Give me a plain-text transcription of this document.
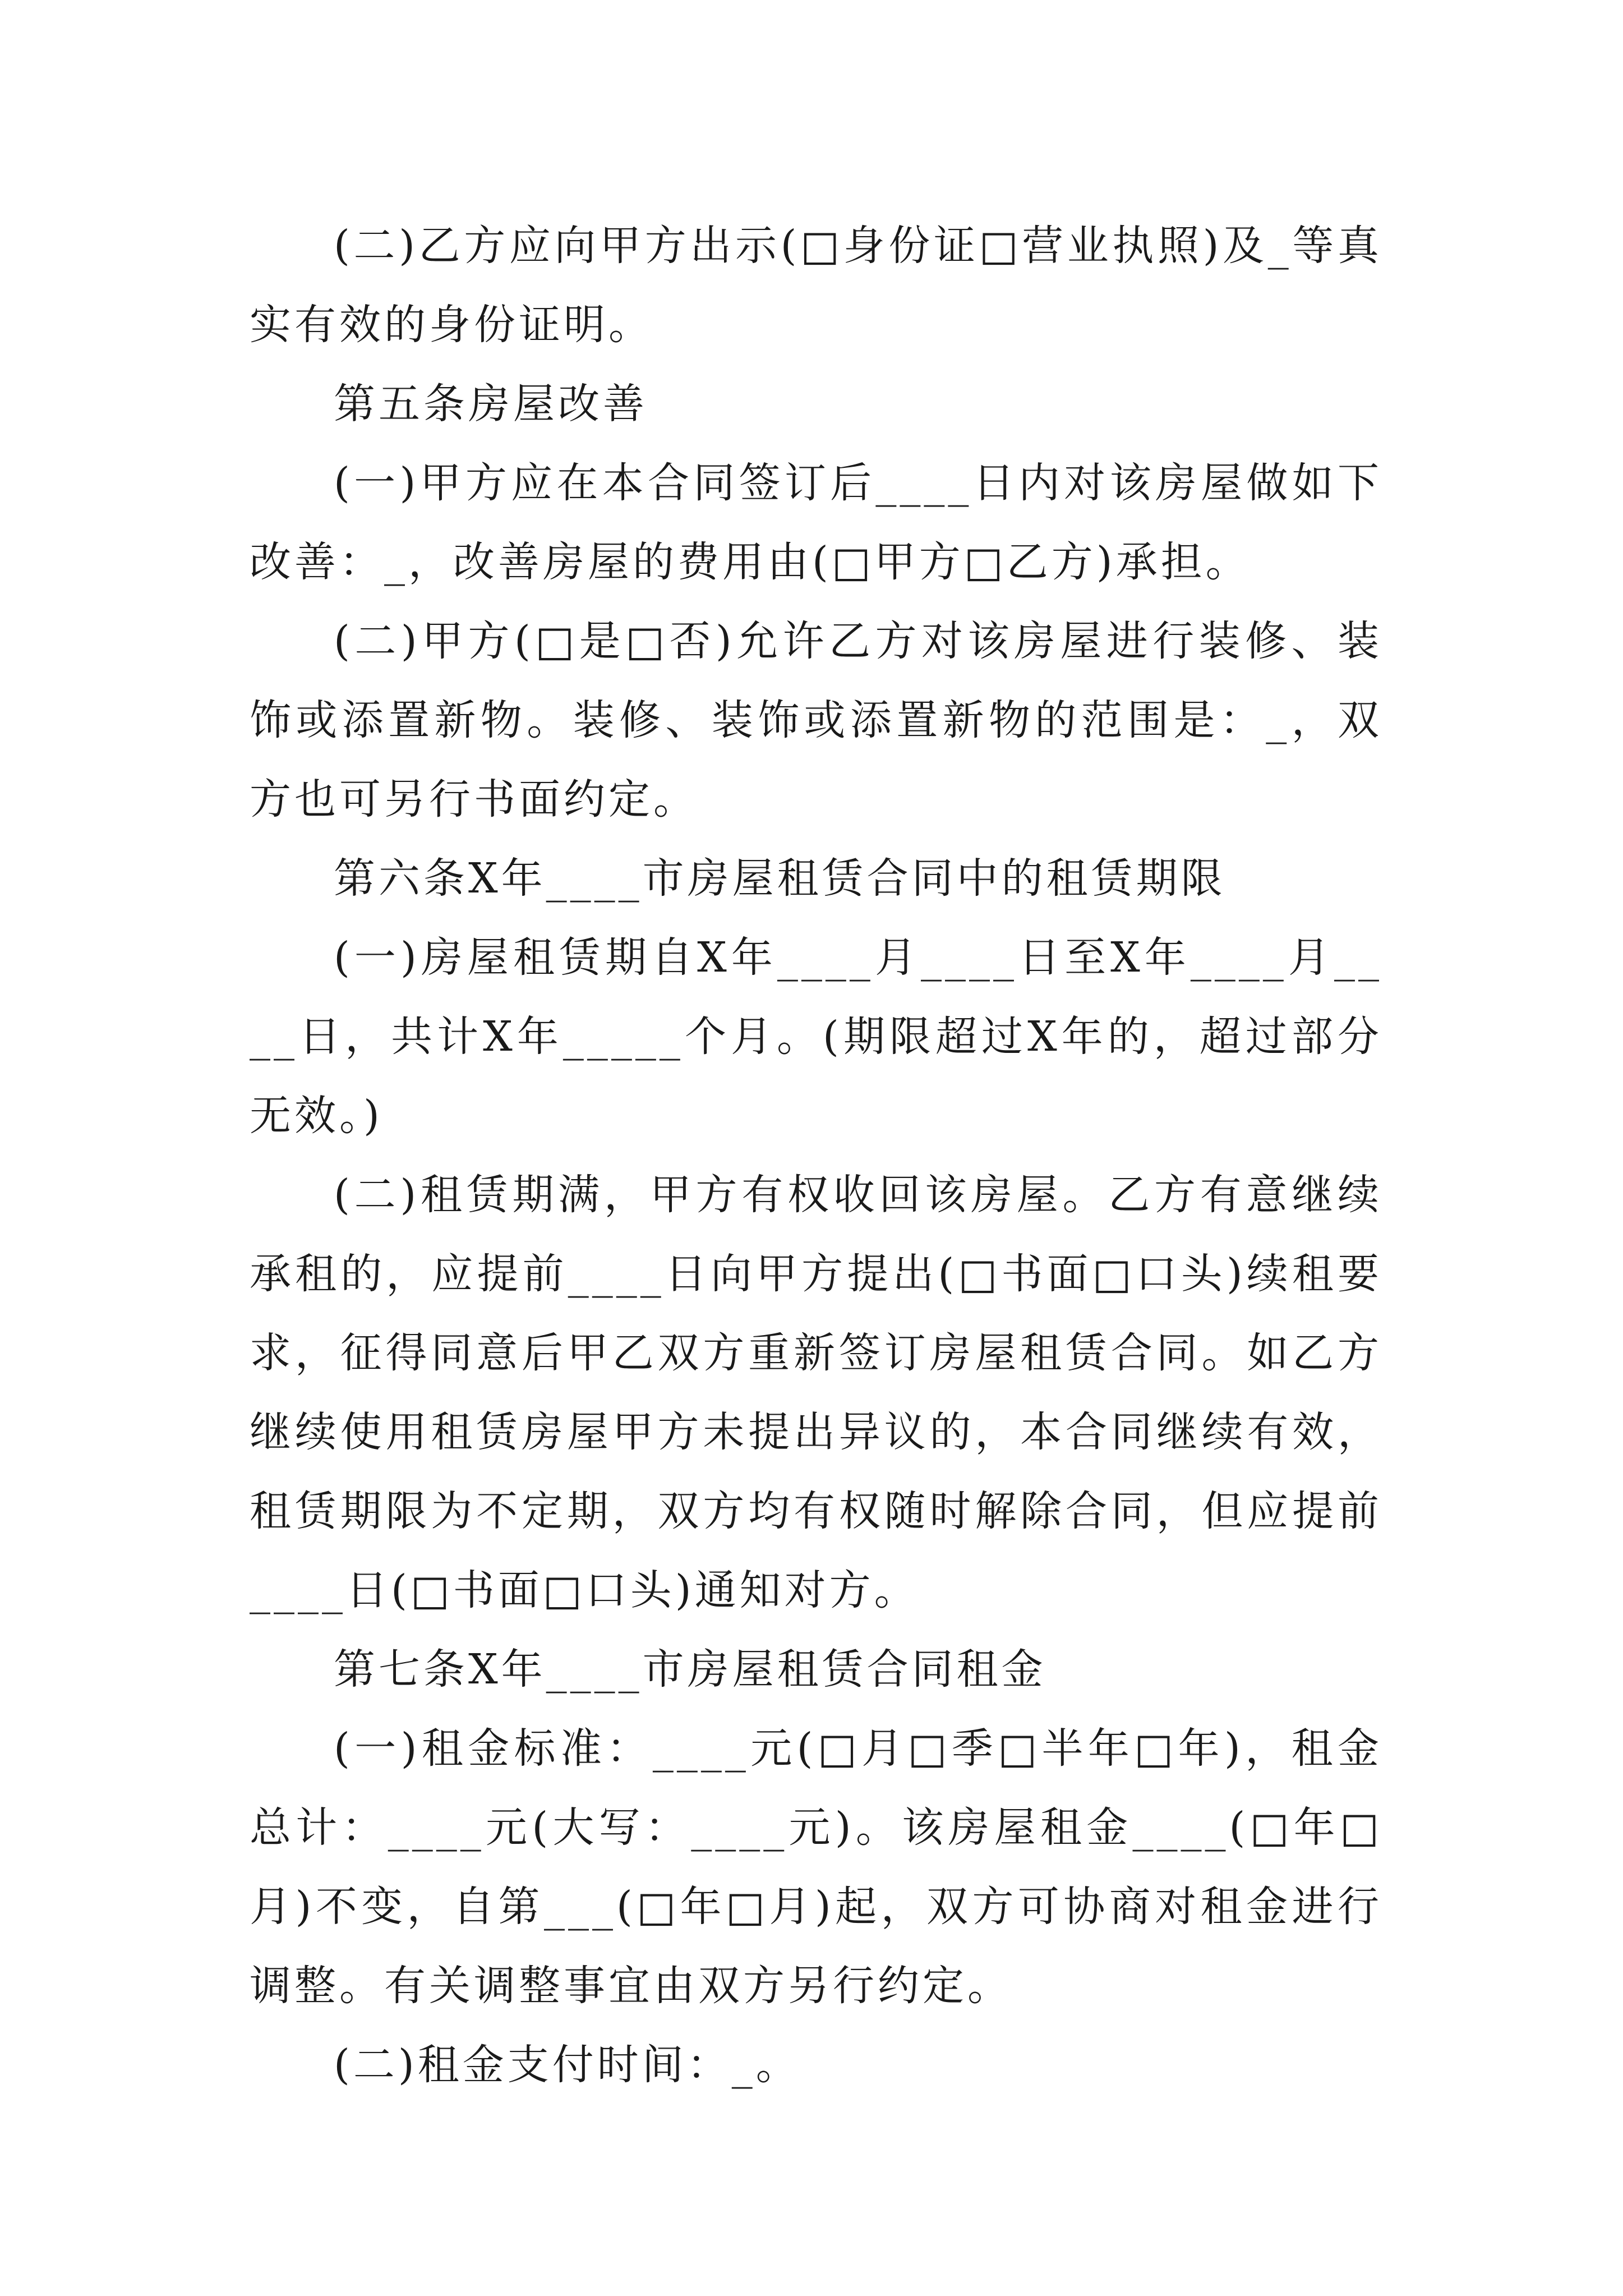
(二)乙方应向甲方出示(□身份证□营业执照)及_等真实有效的身份证明。

第五条房屋改善

(一)甲方应在本合同签订后____日内对该房屋做如下改善：_，改善房屋的费用由(□甲方□乙方)承担。

(二)甲方(□是□否)允许乙方对该房屋进行装修、装饰或添置新物。装修、装饰或添置新物的范围是：_，双方也可另行书面约定。

第六条X年____市房屋租赁合同中的租赁期限

(一)房屋租赁期自X年____月____日至X年____月____日，共计X年_____个月。(期限超过X年的，超过部分无效。)

(二)租赁期满，甲方有权收回该房屋。乙方有意继续承租的，应提前____日向甲方提出(□书面□口头)续租要求，征得同意后甲乙双方重新签订房屋租赁合同。如乙方继续使用租赁房屋甲方未提出异议的，本合同继续有效，租赁期限为不定期，双方均有权随时解除合同，但应提前____日(□书面□口头)通知对方。

第七条X年____市房屋租赁合同租金

(一)租金标准：____元(□月□季□半年□年)，租金总计：____元(大写：____元)。该房屋租金____(□年□月)不变，自第___(□年□月)起，双方可协商对租金进行调整。有关调整事宜由双方另行约定。

(二)租金支付时间：_。
